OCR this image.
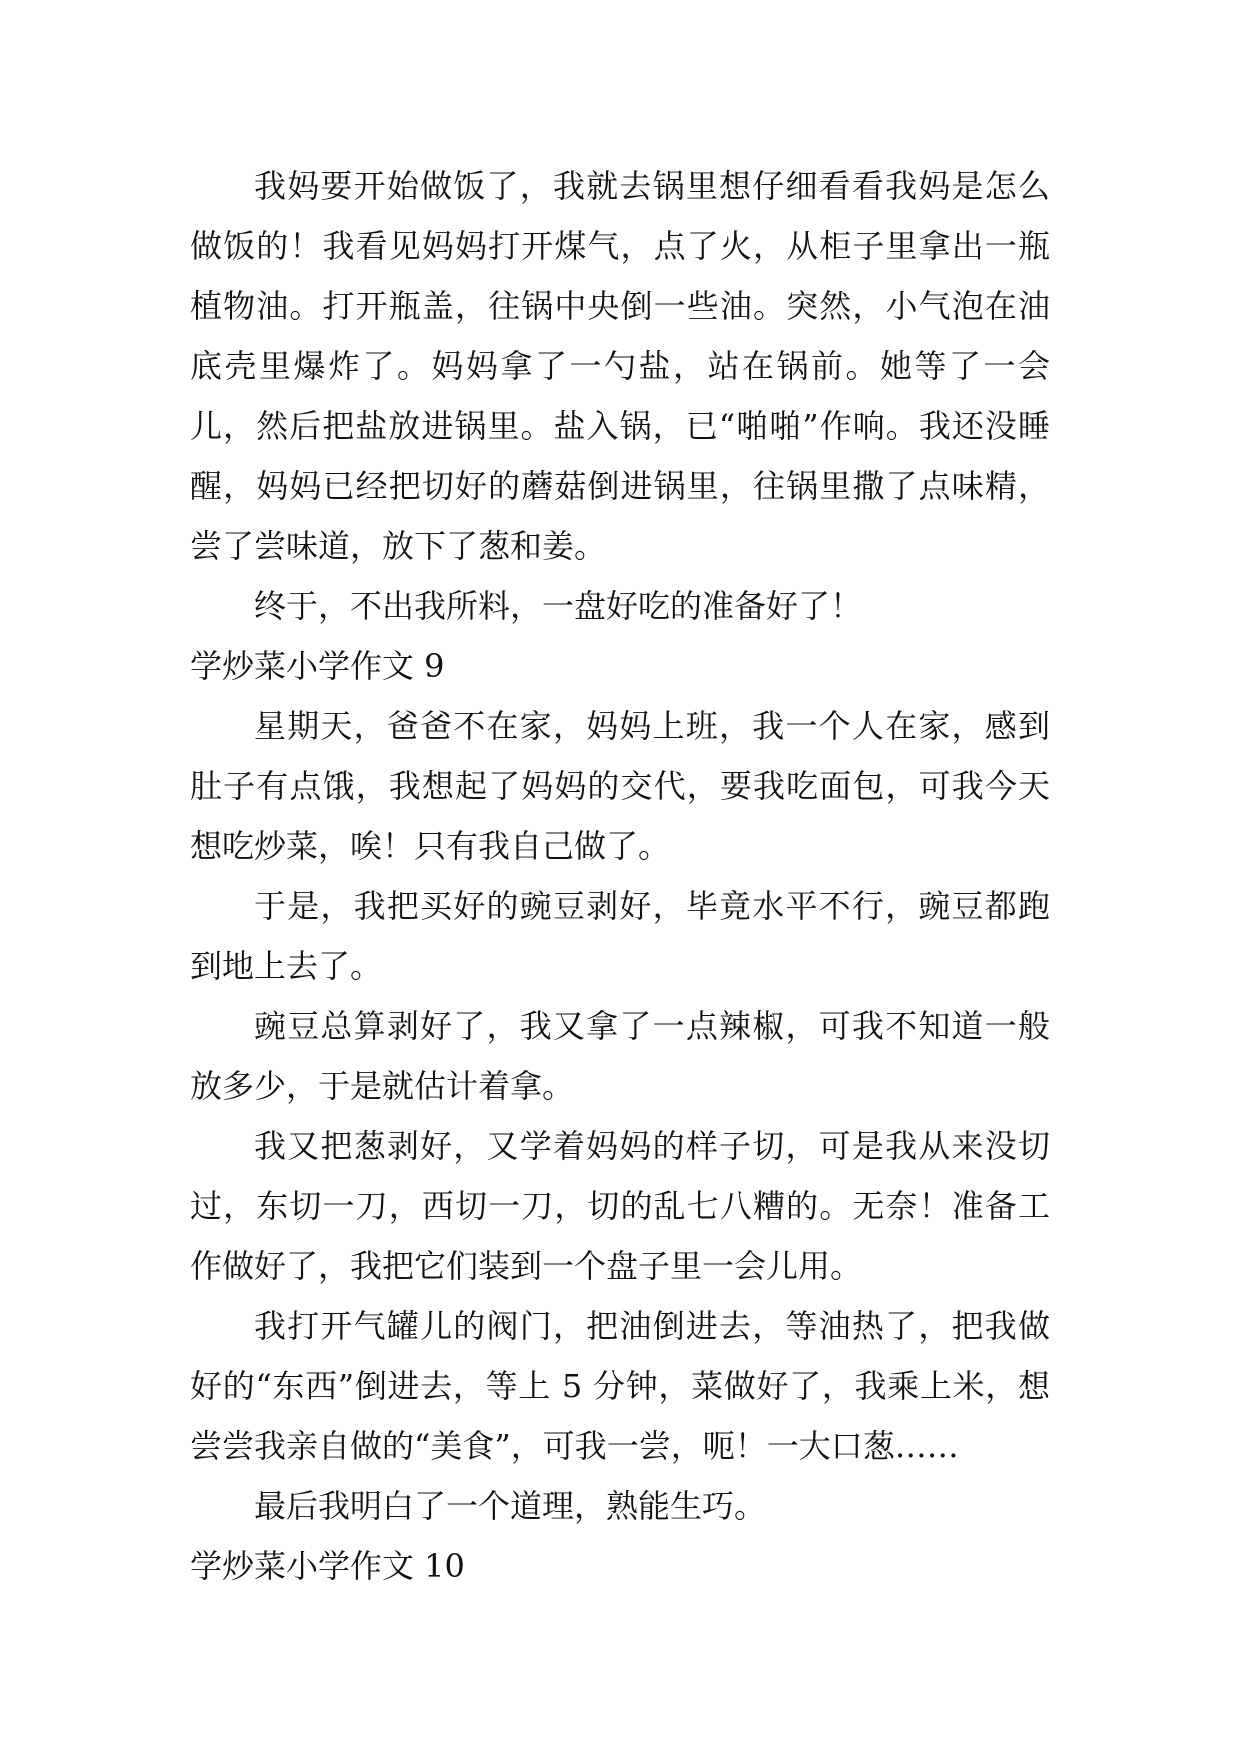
我妈要开始做饭了，我就去锅里想仔细看看我妈是怎么做饭的！我看见妈妈打开煤气，点了火，从柜子里拿出一瓶植物油。打开瓶盖，往锅中央倒一些油。突然，小气泡在油底壳里爆炸了。妈妈拿了一勺盐，站在锅前。她等了一会儿，然后把盐放进锅里。盐入锅，已“啪啪”作响。我还没睡醒，妈妈已经把切好的蘑菇倒进锅里，往锅里撒了点味精，尝了尝味道，放下了葱和姜。

终于，不出我所料，一盘好吃的准备好了！

学炒菜小学作文 9

星期天，爸爸不在家，妈妈上班，我一个人在家，感到肚子有点饿，我想起了妈妈的交代，要我吃面包，可我今天想吃炒菜，唉！只有我自己做了。

于是，我把买好的豌豆剥好，毕竟水平不行，豌豆都跑到地上去了。

豌豆总算剥好了，我又拿了一点辣椒，可我不知道一般放多少，于是就估计着拿。

我又把葱剥好，又学着妈妈的样子切，可是我从来没切过，东切一刀，西切一刀，切的乱七八糟的。无奈！准备工作做好了，我把它们装到一个盘子里一会儿用。

我打开气罐儿的阀门，把油倒进去，等油热了，把我做好的“东西”倒进去，等上 5 分钟，菜做好了，我乘上米，想尝尝我亲自做的“美食”，可我一尝，呃！一大口葱……

最后我明白了一个道理，熟能生巧。

学炒菜小学作文 10
